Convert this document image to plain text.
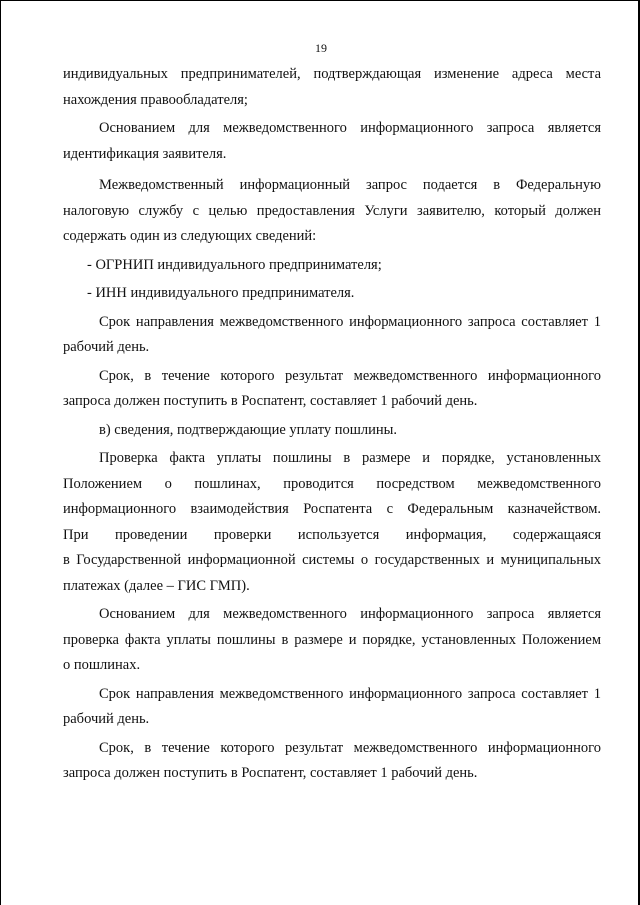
19
индивидуальных предпринимателей, подтверждающая изменение адреса места
нахождения правообладателя;
Основанием для межведомственного информационного запроса является
идентификация заявителя.
Межведомственный информационный запрос подается в Федеральную
налоговую службу с целью предоставления Услуги заявителю, который должен
содержать один из следующих сведений:
- ОГРНИП индивидуального предпринимателя;
- ИНН индивидуального предпринимателя.
Срок направления межведомственного информационного запроса составляет 1
рабочий день.
Срок, в течение которого результат межведомственного информационного
запроса должен поступить в Роспатент, составляет 1 рабочий день.
в) сведения, подтверждающие уплату пошлины.
Проверка факта уплаты пошлины в размере и порядке, установленных
Положением о пошлинах, проводится посредством межведомственного
информационного взаимодействия Роспатента с Федеральным казначейством.
При проведении проверки используется информация, содержащаяся
в Государственной информационной системы о государственных и муниципальных
платежах (далее – ГИС ГМП).
Основанием для межведомственного информационного запроса является
проверка факта уплаты пошлины в размере и порядке, установленных Положением
о пошлинах.
Срок направления межведомственного информационного запроса составляет 1
рабочий день.
Срок, в течение которого результат межведомственного информационного
запроса должен поступить в Роспатент, составляет 1 рабочий день.
